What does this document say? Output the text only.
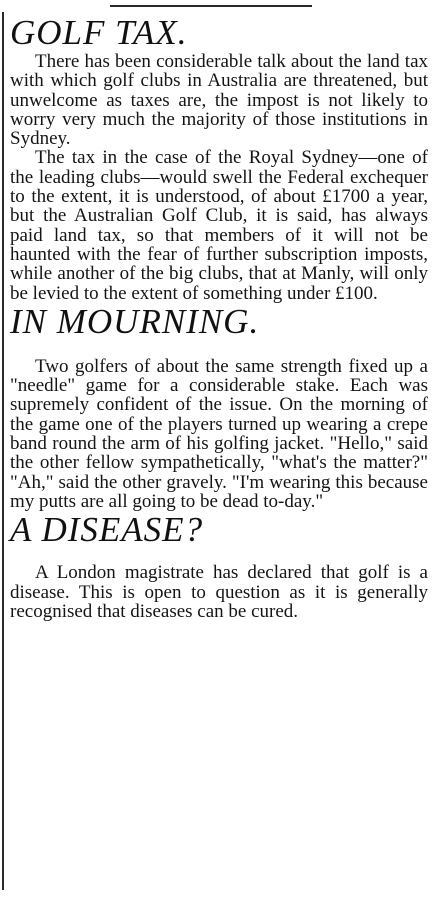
GOLF TAX.

There has been considerable talk about the land tax with which golf clubs in Australia are threatened, but unwelcome as taxes are, the impost is not likely to worry very much the majority of those institutions in Sydney.

The tax in the case of the Royal Sydney—one of the leading clubs—would swell the Federal exchequer to the extent, it is understood, of about £1700 a year, but the Australian Golf Club, it is said, has always paid land tax, so that members of it will not be haunted with the fear of further subscription imposts, while another of the big clubs, that at Manly, will only be levied to the extent of something under £100.

IN MOURNING.

Two golfers of about the same strength fixed up a "needle" game for a considerable stake. Each was supremely confident of the issue. On the morning of the game one of the players turned up wearing a crepe band round the arm of his golfing jacket. "Hello," said the other fellow sympathetically, "what's the matter?" "Ah," said the other gravely. "I'm wearing this because my putts are all going to be dead to-day."

A DISEASE?

A London magistrate has declared that golf is a disease. This is open to question as it is generally recognised that diseases can be cured.
